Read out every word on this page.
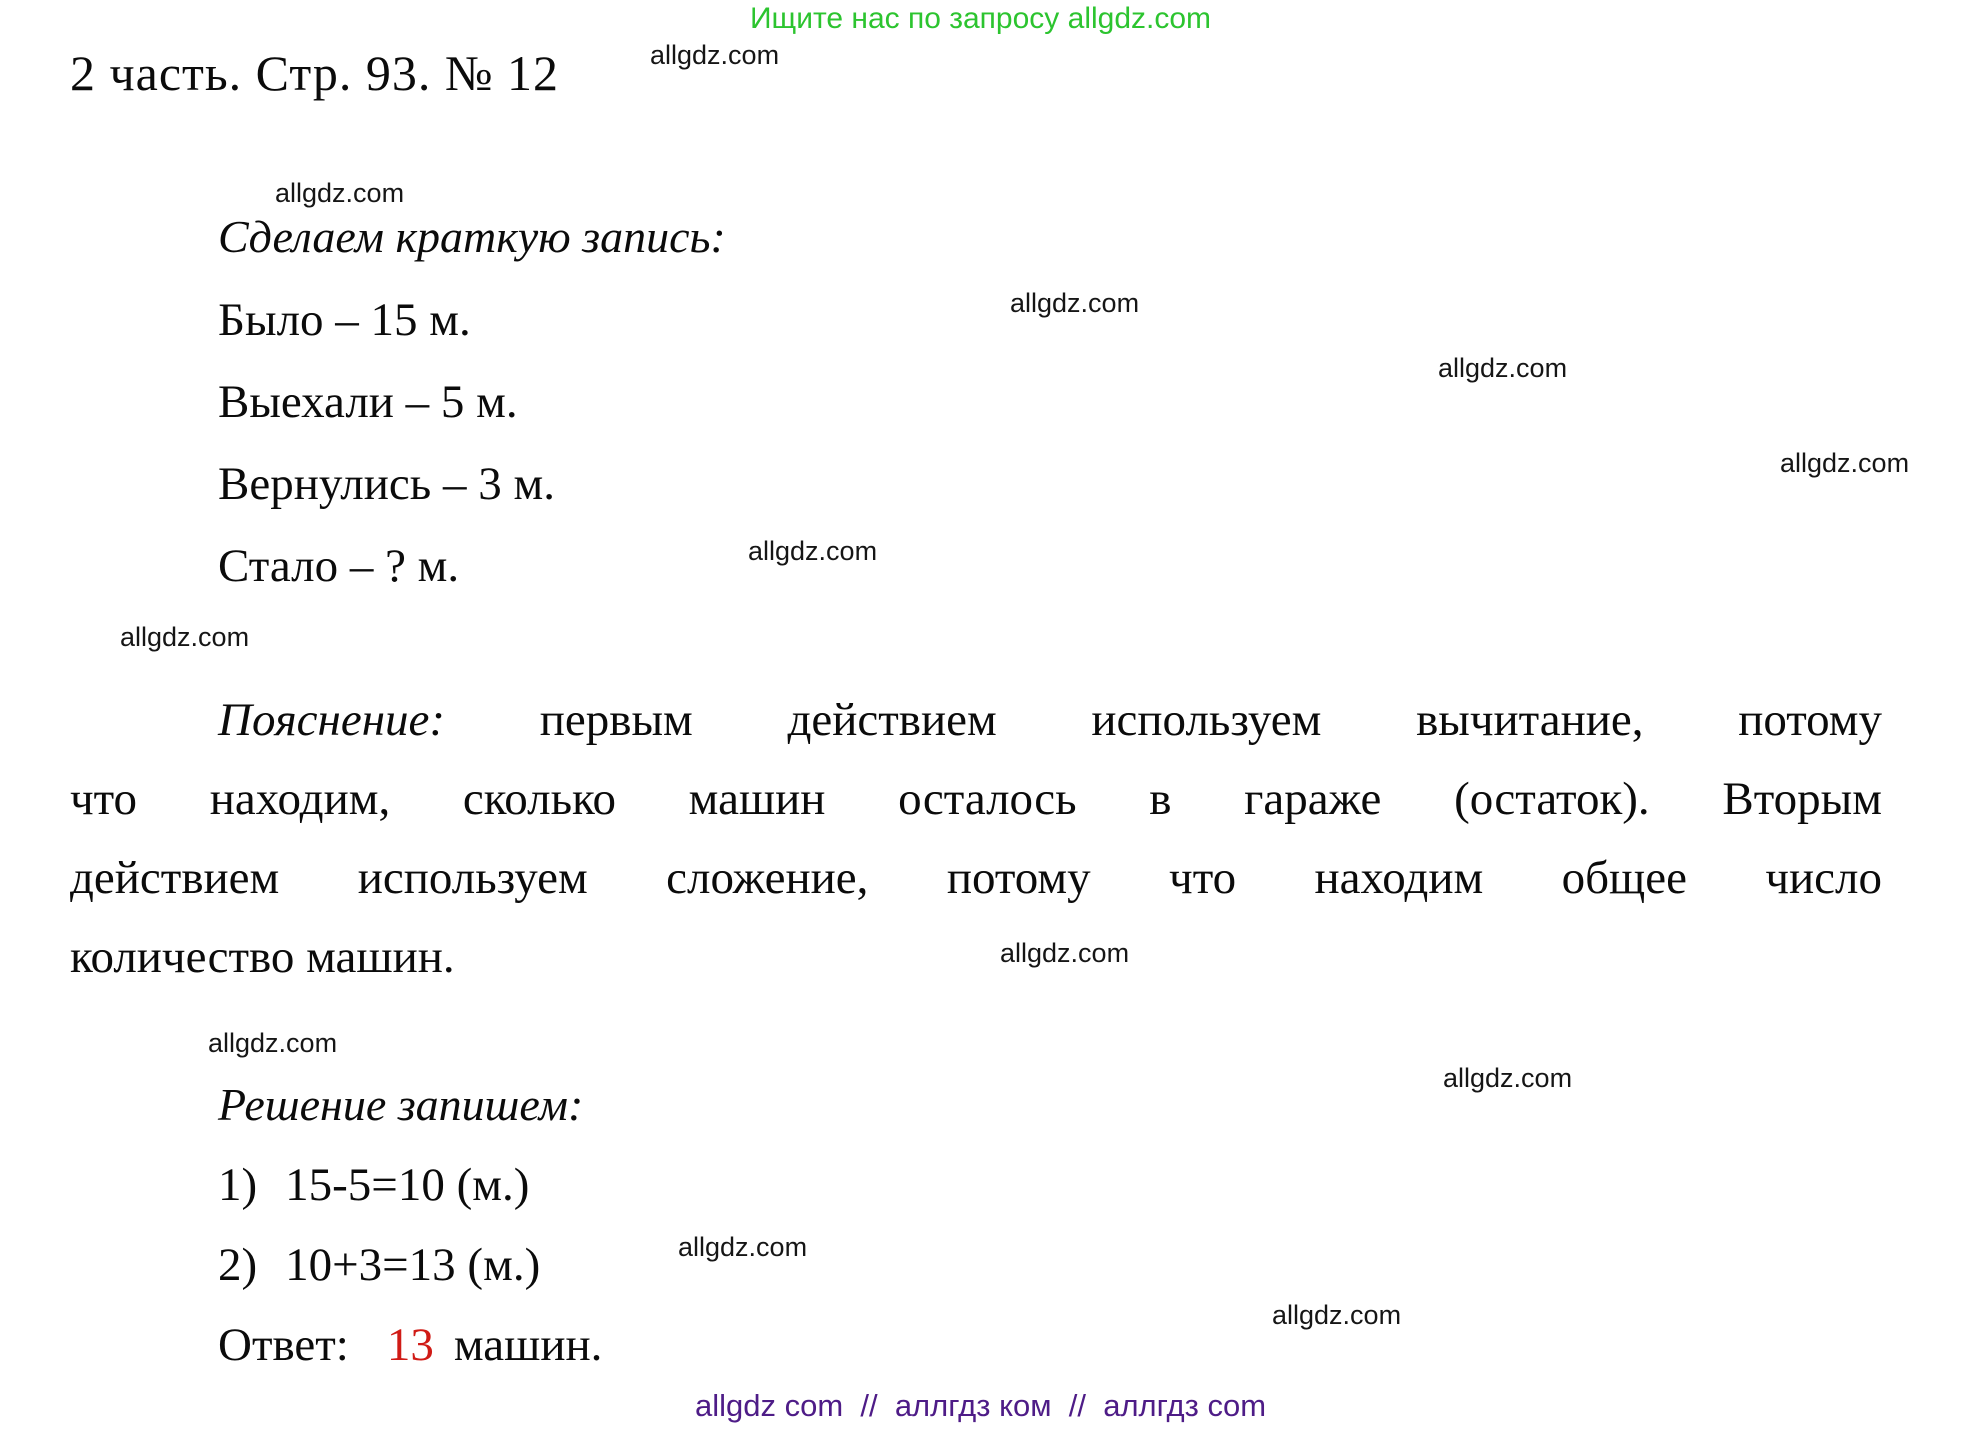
Ищите нас по запросу allgdz.com
2 часть. Стр. 93. № 12	allgdz.com
allgdz.com
allgdz.com
allgdz.com
allgdz.com
allgdz.com
allgdz.com
allgdz.com
allgdz.com
allgdz.com
allgdz.com
allgdz.com
Сделаем краткую запись:
Было – 15 м.
Выехали – 5 м.
Вернулись – 3 м.
Стало – ? м.
Пояснение: первым действием используем вычитание, потому
что находим, сколько машин осталось в гараже (остаток). Вторым
действием используем сложение, потому что находим общее число
количество машин.
Решение запишем:
1) 15-5=10 (м.)
2) 10+3=13 (м.)
Ответ: 13 машин.
allgdz com  //  аллгдз ком  //  аллгдз com
